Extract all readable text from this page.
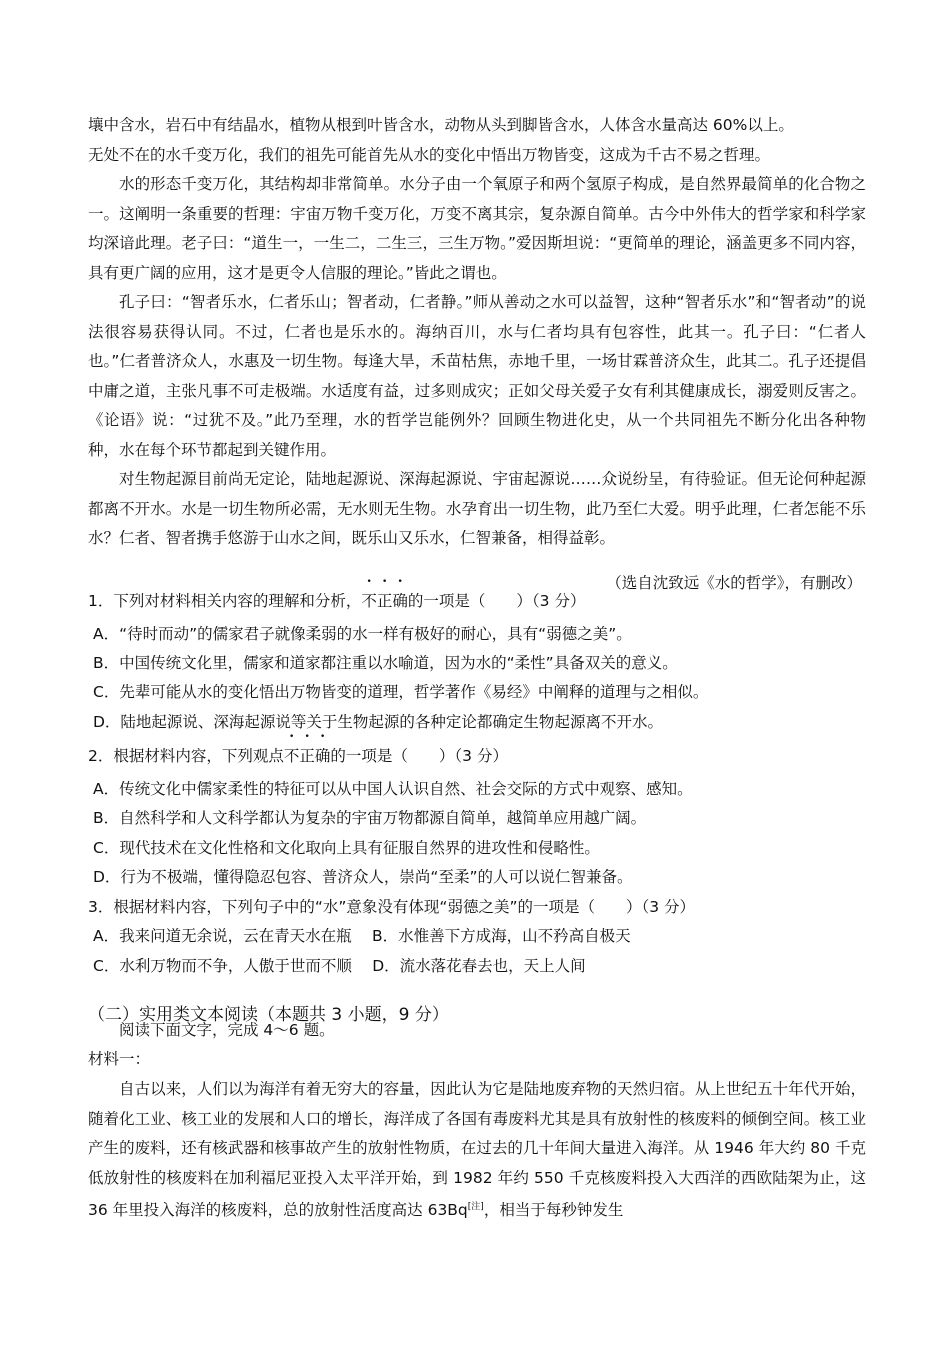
壤中含水，岩石中有结晶水，植物从根到叶皆含水，动物从头到脚皆含水，人体含水量高达 60%以上。

无处不在的水千变万化，我们的祖先可能首先从水的变化中悟出万物皆变，这成为千古不易之哲理。

水的形态千变万化，其结构却非常简单。水分子由一个氧原子和两个氢原子构成，是自然界最简单的化合物之一。这阐明一条重要的哲理：宇宙万物千变万化，万变不离其宗，复杂源自简单。古今中外伟大的哲学家和科学家均深谙此理。老子曰：“道生一，一生二，二生三，三生万物。”爱因斯坦说：“更简单的理论，涵盖更多不同内容，具有更广阔的应用，这才是更令人信服的理论。”皆此之谓也。

孔子曰：“智者乐水，仁者乐山；智者动，仁者静。”师从善动之水可以益智，这种“智者乐水”和“智者动”的说法很容易获得认同。不过，仁者也是乐水的。海纳百川，水与仁者均具有包容性，此其一。孔子曰：“仁者人也。”仁者普济众人，水惠及一切生物。每逢大旱，禾苗枯焦，赤地千里，一场甘霖普济众生，此其二。孔子还提倡中庸之道，主张凡事不可走极端。水适度有益，过多则成灾；正如父母关爱子女有利其健康成长，溺爱则反害之。《论语》说：“过犹不及。”此乃至理，水的哲学岂能例外？回顾生物进化史，从一个共同祖先不断分化出各种物种，水在每个环节都起到关键作用。

对生物起源目前尚无定论，陆地起源说、深海起源说、宇宙起源说……众说纷呈，有待验证。但无论何种起源都离不开水。水是一切生物所必需，无水则无生物。水孕育出一切生物，此乃至仁大爱。明乎此理，仁者怎能不乐水？仁者、智者携手悠游于山水之间，既乐山又乐水，仁智兼备，相得益彰。

（选自沈致远《水的哲学》，有删改）

1．下列对材料相关内容的理解和分析，不正确的一项是（　　）（3 分）

A．“待时而动”的儒家君子就像柔弱的水一样有极好的耐心，具有“弱德之美”。

B．中国传统文化里，儒家和道家都注重以水喻道，因为水的“柔性”具备双关的意义。

C．先辈可能从水的变化悟出万物皆变的道理，哲学著作《易经》中阐释的道理与之相似。

D．陆地起源说、深海起源说等关于生物起源的各种定论都确定生物起源离不开水。

2．根据材料内容，下列观点不正确的一项是（　　）（3 分）

A．传统文化中儒家柔性的特征可以从中国人认识自然、社会交际的方式中观察、感知。

B．自然科学和人文科学都认为复杂的宇宙万物都源自简单，越简单应用越广阔。

C．现代技术在文化性格和文化取向上具有征服自然界的进攻性和侵略性。

D．行为不极端，懂得隐忍包容、普济众人，崇尚“至柔”的人可以说仁智兼备。

3．根据材料内容，下列句子中的“水”意象没有体现“弱德之美”的一项是（　　）（3 分）

A．我来问道无余说，云在青天水在瓶　 B．水惟善下方成海，山不矜高自极天

C．水利万物而不争，人傲于世而不顺　 D．流水落花春去也，天上人间

（二）实用类文本阅读（本题共 3 小题，9 分）

阅读下面文字，完成 4～6 题。

材料一：

自古以来，人们以为海洋有着无穷大的容量，因此认为它是陆地废弃物的天然归宿。从上世纪五十年代开始，随着化工业、核工业的发展和人口的增长，海洋成了各国有毒废料尤其是具有放射性的核废料的倾倒空间。核工业产生的废料，还有核武器和核事故产生的放射性物质，在过去的几十年间大量进入海洋。从 1946 年大约 80 千克低放射性的核废料在加利福尼亚投入太平洋开始，到 1982 年约 550 千克核废料投入大西洋的西欧陆架为止，这 36 年里投入海洋的核废料，总的放射性活度高达 63Bq[注]，相当于每秒钟发生
